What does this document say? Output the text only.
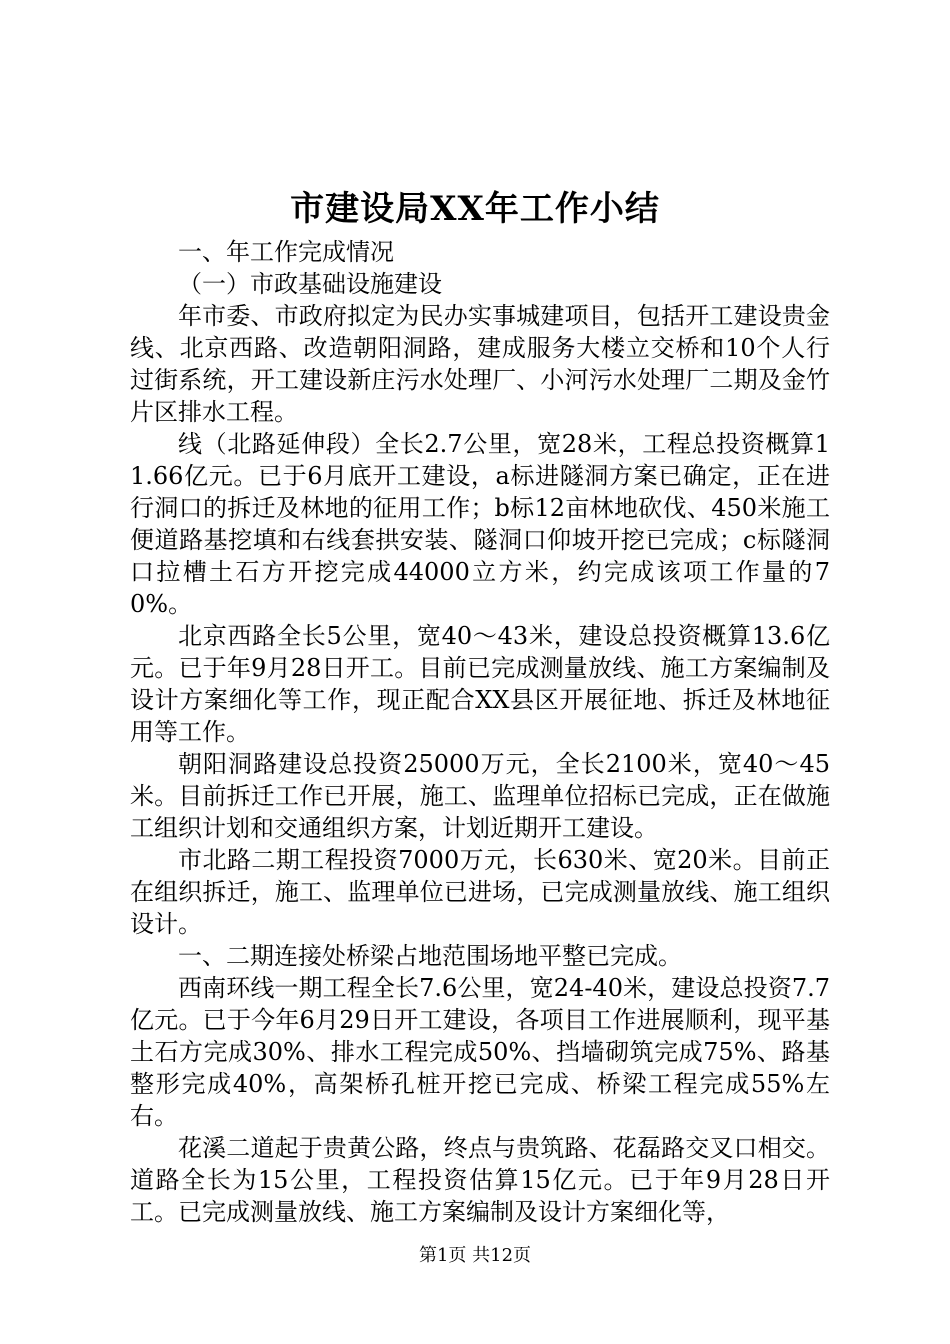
市建设局XX年工作小结

一、年工作完成情况

（一）市政基础设施建设

年市委、市政府拟定为民办实事城建项目，包括开工建设贵金线、北京西路、改造朝阳洞路，建成服务大楼立交桥和10个人行过街系统，开工建设新庄污水处理厂、小河污水处理厂二期及金竹片区排水工程。

线（北路延伸段）全长2.7公里，宽28米，工程总投资概算11.66亿元。已于6月底开工建设，a标进隧洞方案已确定，正在进行洞口的拆迁及林地的征用工作；b标12亩林地砍伐、450米施工便道路基挖填和右线套拱安装、隧洞口仰坡开挖已完成；c标隧洞口拉槽土石方开挖完成44000立方米，约完成该项工作量的70%。

北京西路全长5公里，宽40～43米，建设总投资概算13.6亿元。已于年9月28日开工。目前已完成测量放线、施工方案编制及设计方案细化等工作，现正配合XX县区开展征地、拆迁及林地征用等工作。

朝阳洞路建设总投资25000万元，全长2100米，宽40～45米。目前拆迁工作已开展，施工、监理单位招标已完成，正在做施工组织计划和交通组织方案，计划近期开工建设。

市北路二期工程投资7000万元，长630米、宽20米。目前正在组织拆迁，施工、监理单位已进场，已完成测量放线、施工组织设计。

一、二期连接处桥梁占地范围场地平整已完成。

西南环线一期工程全长7.6公里，宽24-40米，建设总投资7.7亿元。已于今年6月29日开工建设，各项目工作进展顺利，现平基土石方完成30%、排水工程完成50%、挡墙砌筑完成75%、路基整形完成40%，高架桥孔桩开挖已完成、桥梁工程完成55%左右。

花溪二道起于贵黄公路，终点与贵筑路、花磊路交叉口相交。道路全长为15公里，工程投资估算15亿元。已于年9月28日开工。已完成测量放线、施工方案编制及设计方案细化等，

第1页 共12页
